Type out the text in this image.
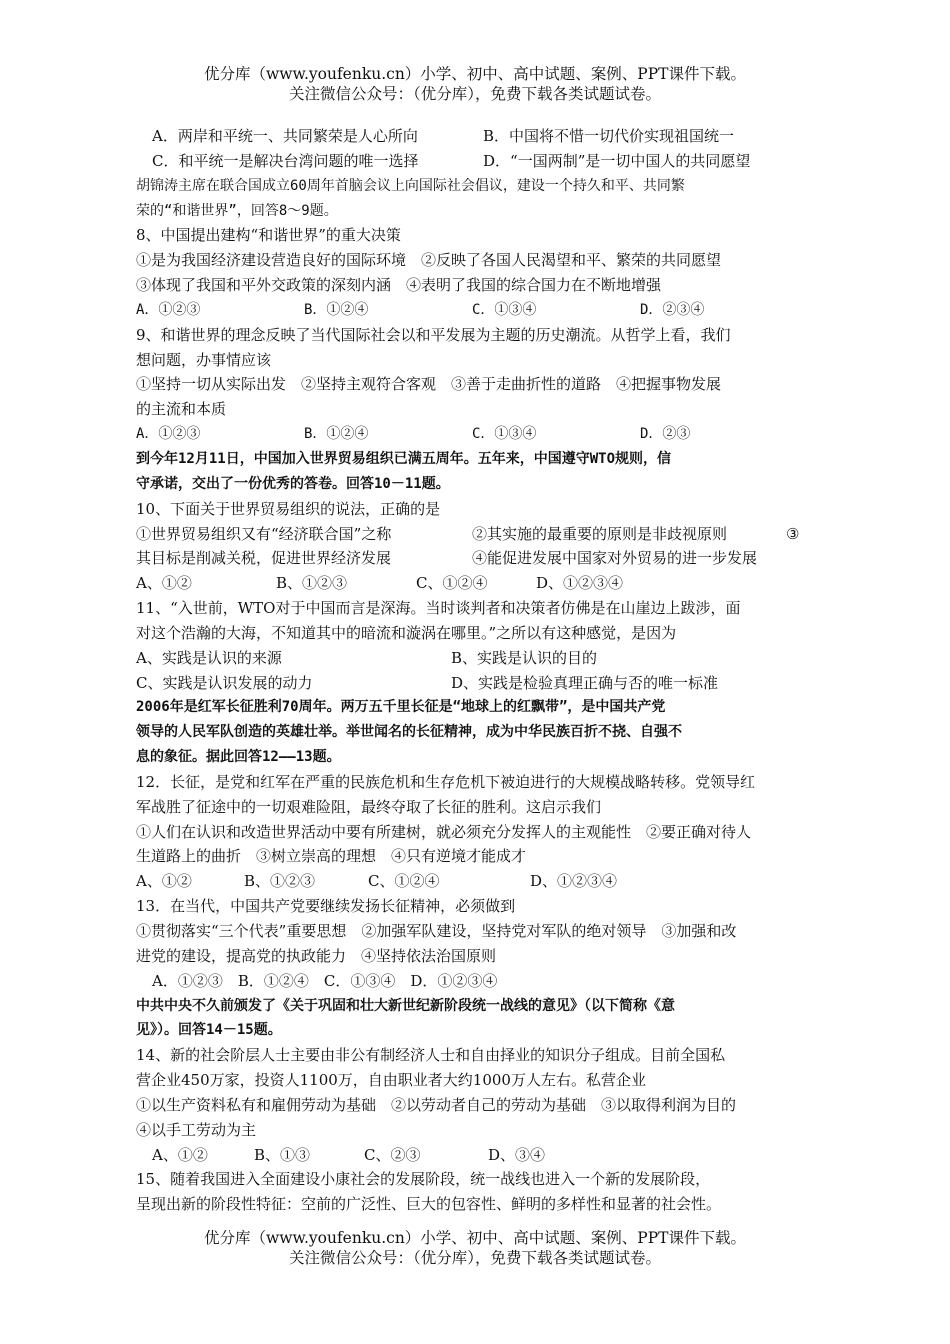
优分库（www.youfenku.cn）小学、初中、高中试题、案例、PPT课件下载。
关注微信公众号：（优分库），免费下载各类试题试卷。
A．两岸和平统一、共同繁荣是人心所向	B．中国将不惜一切代价实现祖国统一
C．和平统一是解决台湾问题的唯一选择	D．“一国两制”是一切中国人的共同愿望
胡锦涛主席在联合国成立60周年首脑会议上向国际社会倡议，建设一个持久和平、共同繁
荣的“和谐世界”，回答8～9题。
8、中国提出建构“和谐世界”的重大决策
①是为我国经济建设营造良好的国际环境　②反映了各国人民渴望和平、繁荣的共同愿望
③体现了我国和平外交政策的深刻内涵　④表明了我国的综合国力在不断地增强
A．①②③	B．①②④	C．①③④	D．②③④
9、和谐世界的理念反映了当代国际社会以和平发展为主题的历史潮流。从哲学上看，我们
想问题，办事情应该
①坚持一切从实际出发　②坚持主观符合客观　③善于走曲折性的道路　④把握事物发展
的主流和本质
A．①②③	B．①②④	C．①③④	D．②③
到今年12月11日，中国加入世界贸易组织已满五周年。五年来，中国遵守WTO规则，信
守承诺，交出了一份优秀的答卷。回答10－11题。
10、下面关于世界贸易组织的说法，正确的是
①世界贸易组织又有“经济联合国”之称	②其实施的最重要的原则是非歧视原则	③
其目标是削减关税，促进世界经济发展	④能促进发展中国家对外贸易的进一步发展
A、①②	B、①②③	C、①②④	D、①②③④
11、“入世前，WTO对于中国而言是深海。当时谈判者和决策者仿佛是在山崖边上跋涉，面
对这个浩瀚的大海，不知道其中的暗流和漩涡在哪里。”之所以有这种感觉，是因为
A、实践是认识的来源	B、实践是认识的目的
C、实践是认识发展的动力	D、实践是检验真理正确与否的唯一标准
2006年是红军长征胜利70周年。两万五千里长征是“地球上的红飘带”，是中国共产党
领导的人民军队创造的英雄壮举。举世闻名的长征精神，成为中华民族百折不挠、自强不
息的象征。据此回答12——13题。
12．长征，是党和红军在严重的民族危机和生存危机下被迫进行的大规模战略转移。党领导红
军战胜了征途中的一切艰难险阻，最终夺取了长征的胜利。这启示我们
①人们在认识和改造世界活动中要有所建树，就必须充分发挥人的主观能性　②要正确对待人
生道路上的曲折　③树立崇高的理想　④只有逆境才能成才
A、①②	B、①②③	C、①②④	D、①②③④
13．在当代，中国共产党要继续发扬长征精神，必须做到
①贯彻落实“三个代表”重要思想　②加强军队建设，坚持党对军队的绝对领导　③加强和改
进党的建设，提高党的执政能力　④坚持依法治国原则
A．①②③　B．①②④　C．①③④　D．①②③④
中共中央不久前颁发了《关于巩固和壮大新世纪新阶段统一战线的意见》（以下简称《意
见》）。回答14－15题。
14、新的社会阶层人士主要由非公有制经济人士和自由择业的知识分子组成。目前全国私
营企业450万家，投资人1100万，自由职业者大约1000万人左右。私营企业
①以生产资料私有和雇佣劳动为基础　②以劳动者自己的劳动为基础　③以取得利润为目的
④以手工劳动为主
A、①②	B、①③	C、②③	D、③④
15、随着我国进入全面建设小康社会的发展阶段，统一战线也进入一个新的发展阶段，
呈现出新的阶段性特征：空前的广泛性、巨大的包容性、鲜明的多样性和显著的社会性。
优分库（www.youfenku.cn）小学、初中、高中试题、案例、PPT课件下载。
关注微信公众号：（优分库），免费下载各类试题试卷。
